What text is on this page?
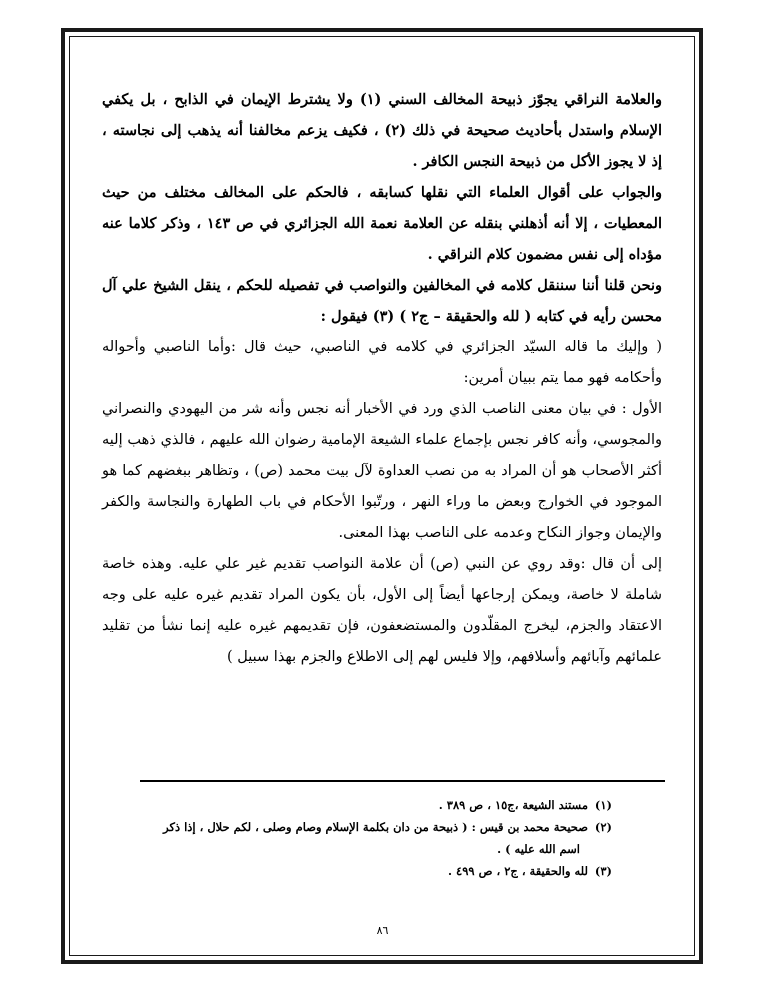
والعلامة النراقي يجوّز ذبيحة المخالف السني (١) ولا يشترط الإيمان في الذابح ، بل يكفي الإسلام واستدل بأحاديث صحيحة في ذلك (٢) ، فكيف يزعم مخالفنا أنه يذهب إلى نجاسته ، إذ لا يجوز الأكل من ذبيحة النجس الكافر .

والجواب على أقوال العلماء التي نقلها كسابقه ، فالحكم على المخالف مختلف من حيث المعطيات ، إلا أنه أذهلني بنقله عن العلامة نعمة الله الجزائري في ص ١٤٣ ، وذكر كلاما عنه مؤداه إلى نفس مضمون كلام النراقي .

ونحن قلنا أننا سننقل كلامه في المخالفين والنواصب في تفصيله للحكم ، ينقل الشيخ علي آل محسن رأيه في كتابه ( لله والحقيقة – ج٢ ) (٣) فيقول :

( وإليك ما قاله السيّد الجزائري في كلامه في الناصبي، حيث قال :وأما الناصبي وأحواله وأحكامه فهو مما يتم ببيان أمرين:

الأول : في بيان معنى الناصب الذي ورد في الأخبار أنه نجس وأنه شر من اليهودي والنصراني والمجوسي، وأنه كافر نجس بإجماع علماء الشيعة الإمامية رضوان الله عليهم ، فالذي ذهب إليه أكثر الأصحاب هو أن المراد به من نصب العداوة لآل بيت محمد (ص) ، وتظاهر ببغضهم كما هو الموجود في الخوارج وبعض ما وراء النهر ، ورتّبوا الأحكام في باب الطهارة والنجاسة والكفر والإيمان وجواز النكاح وعدمه على الناصب بهذا المعنى.

إلى أن قال :وقد روي عن النبي (ص) أن علامة النواصب تقديم غير علي عليه. وهذه خاصة شاملة لا خاصة، ويمكن إرجاعها أيضاً إلى الأول، بأن يكون المراد تقديم غيره عليه على وجه الاعتقاد والجزم، ليخرج المقلّدون والمستضعفون، فإن تقديمهم غيره عليه إنما نشأ من تقليد علمائهم وآبائهم وأسلافهم، وإلا فليس لهم إلى الاطلاع والجزم بهذا سبيل )

(١) مستند الشيعة ،ج١٥ ، ص ٣٨٩ .

(٢) صحيحة محمد بن قيس : ( ذبيحة من دان بكلمة الإسلام وصام وصلى ، لكم حلال ، إذا ذكر

اسم الله عليه ) .

(٣) لله والحقيقة ، ج٢ ، ص ٤٩٩ .

٨٦
